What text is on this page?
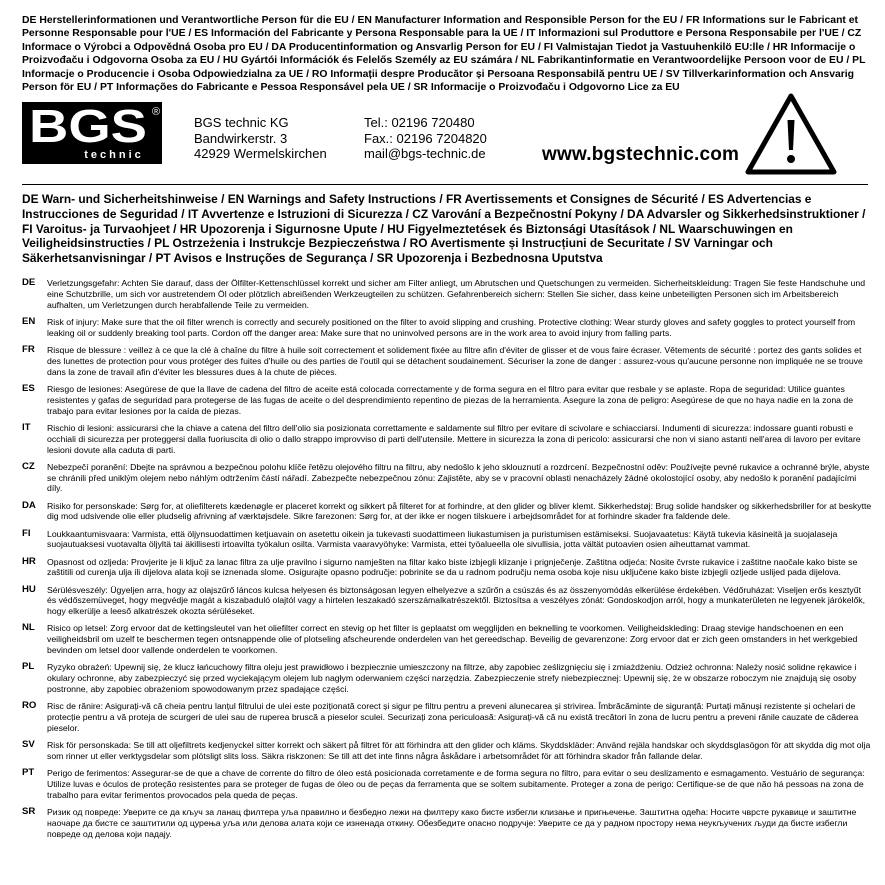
DE Herstellerinformationen und Verantwortliche Person für die EU / EN Manufacturer Information and Responsible Person for the EU / FR Informations sur le Fabricant et Personne Responsable pour l'UE / ES Información del Fabricante y Persona Responsable para la UE / IT Informazioni sul Produttore e Persona Responsabile per l'UE / CZ Informace o Výrobci a Odpovědná Osoba pro EU / DA Producentinformation og Ansvarlig Person for EU / FI Valmistajan Tiedot ja Vastuuhenkilö EU:lle / HR Informacije o Proizvođaču i Odgovorna Osoba za EU / HU Gyártói Információk és Felelős Személy az EU számára / NL Fabrikantinformatie en Verantwoordelijke Persoon voor de EU / PL Informacje o Producencie i Osoba Odpowiedzialna za UE / RO Informații despre Producător și Persoana Responsabilă pentru UE / SV Tillverkarinformation och Ansvarig Person för EU / PT Informações do Fabricante e Pessoa Responsável pela UE / SR Informacije o Proizvođaču i Odgovorno Lice za EU
BGS
technic
®
BGS technic KG
Bandwirkerstr. 3
42929 Wermelskirchen
Tel.: 02196 720480
Fax.: 02196 7204820
mail@bgs-technic.de	www.bgstechnic.com
DE Warn- und Sicherheitshinweise / EN Warnings and Safety Instructions / FR Avertissements et Consignes de Sécurité / ES Advertencias e Instrucciones de Seguridad / IT Avvertenze e Istruzioni di Sicurezza / CZ Varování a Bezpečnostní Pokyny / DA Advarsler og Sikkerhedsinstruktioner / FI Varoitus- ja Turvaohjeet / HR Upozorenja i Sigurnosne Upute / HU Figyelmeztetések és Biztonsági Utasítások / NL Waarschuwingen en Veiligheidsinstructies / PL Ostrzeżenia i Instrukcje Bezpieczeństwa / RO Avertismente și Instrucțiuni de Securitate / SV Varningar och Säkerhetsanvisningar / PT Avisos e Instruções de Segurança / SR Upozorenja i Bezbednosna Uputstva
DE	Verletzungsgefahr: Achten Sie darauf, dass der Ölfilter-Kettenschlüssel korrekt und sicher am Filter anliegt, um Abrutschen und Quetschungen zu vermeiden. Sicherheitskleidung: Tragen Sie feste Handschuhe und eine Schutzbrille, um sich vor austretendem Öl oder plötzlich abreißenden Werkzeugteilen zu schützen. Gefahrenbereich sichern: Stellen Sie sicher, dass keine unbeteiligten Personen sich im Arbeitsbereich aufhalten, um Verletzungen durch herabfallende Teile zu vermeiden.
EN	Risk of injury: Make sure that the oil filter wrench is correctly and securely positioned on the filter to avoid slipping and crushing. Protective clothing: Wear sturdy gloves and safety goggles to protect yourself from leaking oil or suddenly breaking tool parts. Cordon off the danger area: Make sure that no uninvolved persons are in the work area to avoid injury from falling parts.
FR	Risque de blessure : veillez à ce que la clé à chaîne du filtre à huile soit correctement et solidement fixée au filtre afin d'éviter de glisser et de vous faire écraser. Vêtements de sécurité : portez des gants solides et des lunettes de protection pour vous protéger des fuites d'huile ou des parties de l'outil qui se détachent soudainement. Sécuriser la zone de danger : assurez-vous qu'aucune personne non impliquée ne se trouve dans la zone de travail afin d'éviter les blessures dues à la chute de pièces.
ES	Riesgo de lesiones: Asegúrese de que la llave de cadena del filtro de aceite está colocada correctamente y de forma segura en el filtro para evitar que resbale y se aplaste. Ropa de seguridad: Utilice guantes resistentes y gafas de seguridad para protegerse de las fugas de aceite o del desprendimiento repentino de piezas de la herramienta. Asegure la zona de peligro: Asegúrese de que no haya nadie en la zona de trabajo para evitar lesiones por la caída de piezas.
IT	Rischio di lesioni: assicurarsi che la chiave a catena del filtro dell'olio sia posizionata correttamente e saldamente sul filtro per evitare di scivolare e schiacciarsi. Indumenti di sicurezza: indossare guanti robusti e occhiali di sicurezza per proteggersi dalla fuoriuscita di olio o dallo strappo improvviso di parti dell'utensile. Mettere in sicurezza la zona di pericolo: assicurarsi che non vi siano astanti nell'area di lavoro per evitare lesioni dovute alla caduta di parti.
CZ	Nebezpečí poranění: Dbejte na správnou a bezpečnou polohu klíče řetězu olejového filtru na filtru, aby nedošlo k jeho sklouznutí a rozdrcení. Bezpečnostní oděv: Používejte pevné rukavice a ochranné brýle, abyste se chránili před uniklým olejem nebo náhlým odtržením částí nářadí. Zabezpečte nebezpečnou zónu: Zajistěte, aby se v pracovní oblasti nenacházely žádné okolostojící osoby, aby nedošlo k poranění padajícími díly.
DA	Risiko for personskade: Sørg for, at oliefilterets kædenøgle er placeret korrekt og sikkert på filteret for at forhindre, at den glider og bliver klemt. Sikkerhedstøj: Brug solide handsker og sikkerhedsbriller for at beskytte dig mod udsivende olie eller pludselig afrivning af værktøjsdele. Sikre farezonen: Sørg for, at der ikke er nogen tilskuere i arbejdsområdet for at forhindre skader fra faldende dele.
FI	Loukkaantumisvaara: Varmista, että öljynsuodattimen ketjuavain on asetettu oikein ja tukevasti suodattimeen liukastumisen ja puristumisen estämiseksi. Suojavaatetus: Käytä tukevia käsineitä ja suojalaseja suojautuaksesi vuotavalta öljyltä tai äkillisesti irtoavilta työkalun osilta. Varmista vaaravyöhyke: Varmista, ettei työalueella ole sivullisia, jotta vältät putoavien osien aiheuttamat vammat.
HR	Opasnost od ozljeda: Provjerite je li ključ za lanac filtra za ulje pravilno i sigurno namješten na filtar kako biste izbjegli klizanje i prignječenje. Zaštitna odjeća: Nosite čvrste rukavice i zaštitne naočale kako biste se zaštitili od curenja ulja ili dijelova alata koji se iznenada slome. Osigurajte opasno područje: pobrinite se da u radnom području nema osoba koje nisu uključene kako biste izbjegli ozljede uslijed pada dijelova.
HU	Sérülésveszély: Ügyeljen arra, hogy az olajszűrő láncos kulcsa helyesen és biztonságosan legyen elhelyezve a szűrőn a csúszás és az összenyomódás elkerülése érdekében. Védőruházat: Viseljen erős kesztyűt és védőszemüveget, hogy megvédje magát a kiszabaduló olajtól vagy a hirtelen leszakadó szerszámalkatrészektől. Biztosítsa a veszélyes zónát: Gondoskodjon arról, hogy a munkaterületen ne legyenek járókelők, hogy elkerülje a leeső alkatrészek okozta sérüléseket.
NL	Risico op letsel: Zorg ervoor dat de kettingsleutel van het oliefilter correct en stevig op het filter is geplaatst om wegglijden en beknelling te voorkomen. Veiligheidskleding: Draag stevige handschoenen en een veiligheidsbril om uzelf te beschermen tegen ontsnappende olie of plotseling afscheurende onderdelen van het gereedschap. Beveilig de gevarenzone: Zorg ervoor dat er zich geen omstanders in het werkgebied bevinden om letsel door vallende onderdelen te voorkomen.
PL	Ryzyko obrażeń: Upewnij się, że klucz łańcuchowy filtra oleju jest prawidłowo i bezpiecznie umieszczony na filtrze, aby zapobiec ześlizgnięciu się i zmiażdżeniu. Odzież ochronna: Należy nosić solidne rękawice i okulary ochronne, aby zabezpieczyć się przed wyciekającym olejem lub nagłym oderwaniem części narzędzia. Zabezpieczenie strefy niebezpiecznej: Upewnij się, że w obszarze roboczym nie znajdują się osoby postronne, aby zapobiec obrażeniom spowodowanym przez spadające części.
RO	Risc de rănire: Asigurați-vă că cheia pentru lanțul filtrului de ulei este poziționată corect și sigur pe filtru pentru a preveni alunecarea și strivirea. Îmbrăcăminte de siguranță: Purtați mănuși rezistente și ochelari de protecție pentru a vă proteja de scurgeri de ulei sau de ruperea bruscă a pieselor sculei. Securizați zona periculoasă: Asigurați-vă că nu există trecători în zona de lucru pentru a preveni rănile cauzate de căderea pieselor.
SV	Risk för personskada: Se till att oljefiltrets kedjenyckel sitter korrekt och säkert på filtret för att förhindra att den glider och kläms. Skyddskläder: Använd rejäla handskar och skyddsglasögon för att skydda dig mot olja som rinner ut eller verktygsdelar som plötsligt slits loss. Säkra riskzonen: Se till att det inte finns några åskådare i arbetsområdet för att förhindra skador från fallande delar.
PT	Perigo de ferimentos: Assegurar-se de que a chave de corrente do filtro de óleo está posicionada corretamente e de forma segura no filtro, para evitar o seu deslizamento e esmagamento. Vestuário de segurança: Utilize luvas e óculos de proteção resistentes para se proteger de fugas de óleo ou de peças da ferramenta que se soltem subitamente. Proteger a zona de perigo: Certifique-se de que não há pessoas na zona de trabalho para evitar ferimentos provocados pela queda de peças.
SR	Ризик од повреде: Уверите се да кључ за ланац филтера уља правилно и безбедно лежи на филтеру како бисте избегли клизање и пригњечење. Заштитна одећа: Носите чврсте рукавице и заштитне наочаре да бисте се заштитили од цурења уља или делова алата који се изненада откину. Обезбедите опасно подручје: Уверите се да у радном простору нема неукључених људи да бисте избегли повреде од делова који падају.
